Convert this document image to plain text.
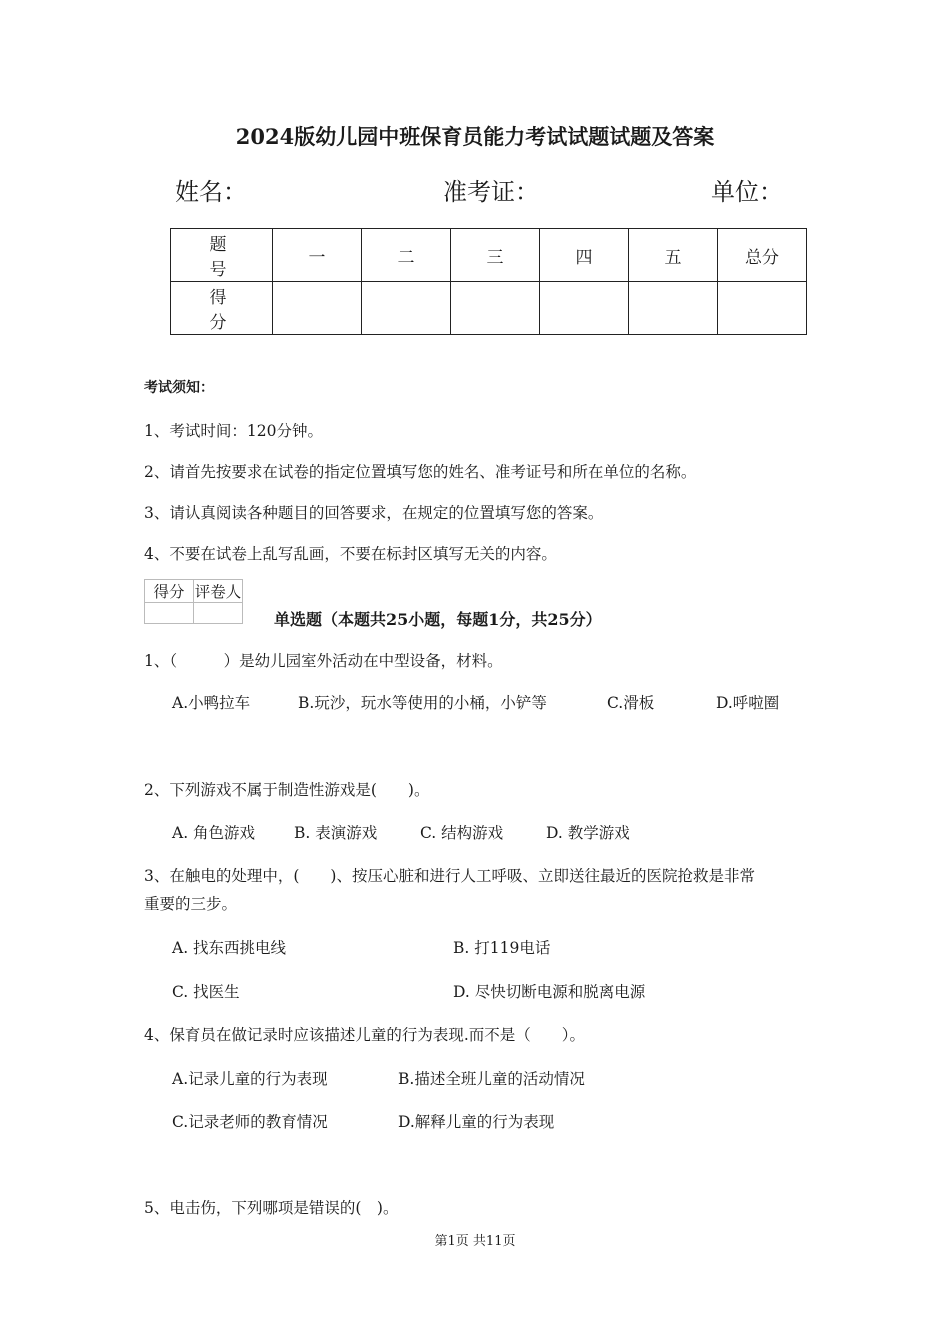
2024版幼儿园中班保育员能力考试试题试题及答案
姓名：	准考证：	单位：
题 号	一	二	三	四	五	总分
得 分						
考试须知：
1、考试时间：120分钟。
2、请首先按要求在试卷的指定位置填写您的姓名、准考证号和所在单位的名称。
3、请认真阅读各种题目的回答要求，在规定的位置填写您的答案。
4、不要在试卷上乱写乱画，不要在标封区填写无关的内容。
得分	评卷人

单选题（本题共25小题，每题1分，共25分）
1、（　　　）是幼儿园室外活动在中型设备，材料。
A.小鸭拉车	B.玩沙，玩水等使用的小桶，小铲等	C.滑板	D.呼啦圈
2、下列游戏不属于制造性游戏是(　　)。
A. 角色游戏	B. 表演游戏	C. 结构游戏	D. 教学游戏
3、在触电的处理中，(　　)、按压心脏和进行人工呼吸、立即送往最近的医院抢救是非常
重要的三步。
A. 找东西挑电线	B. 打119电话
C. 找医生	D. 尽快切断电源和脱离电源
4、保育员在做记录时应该描述儿童的行为表现.而不是（　　）。
A.记录儿童的行为表现	B.描述全班儿童的活动情况
C.记录老师的教育情况	D.解释儿童的行为表现
5、电击伤，下列哪项是错误的(　)。
第1页 共11页
